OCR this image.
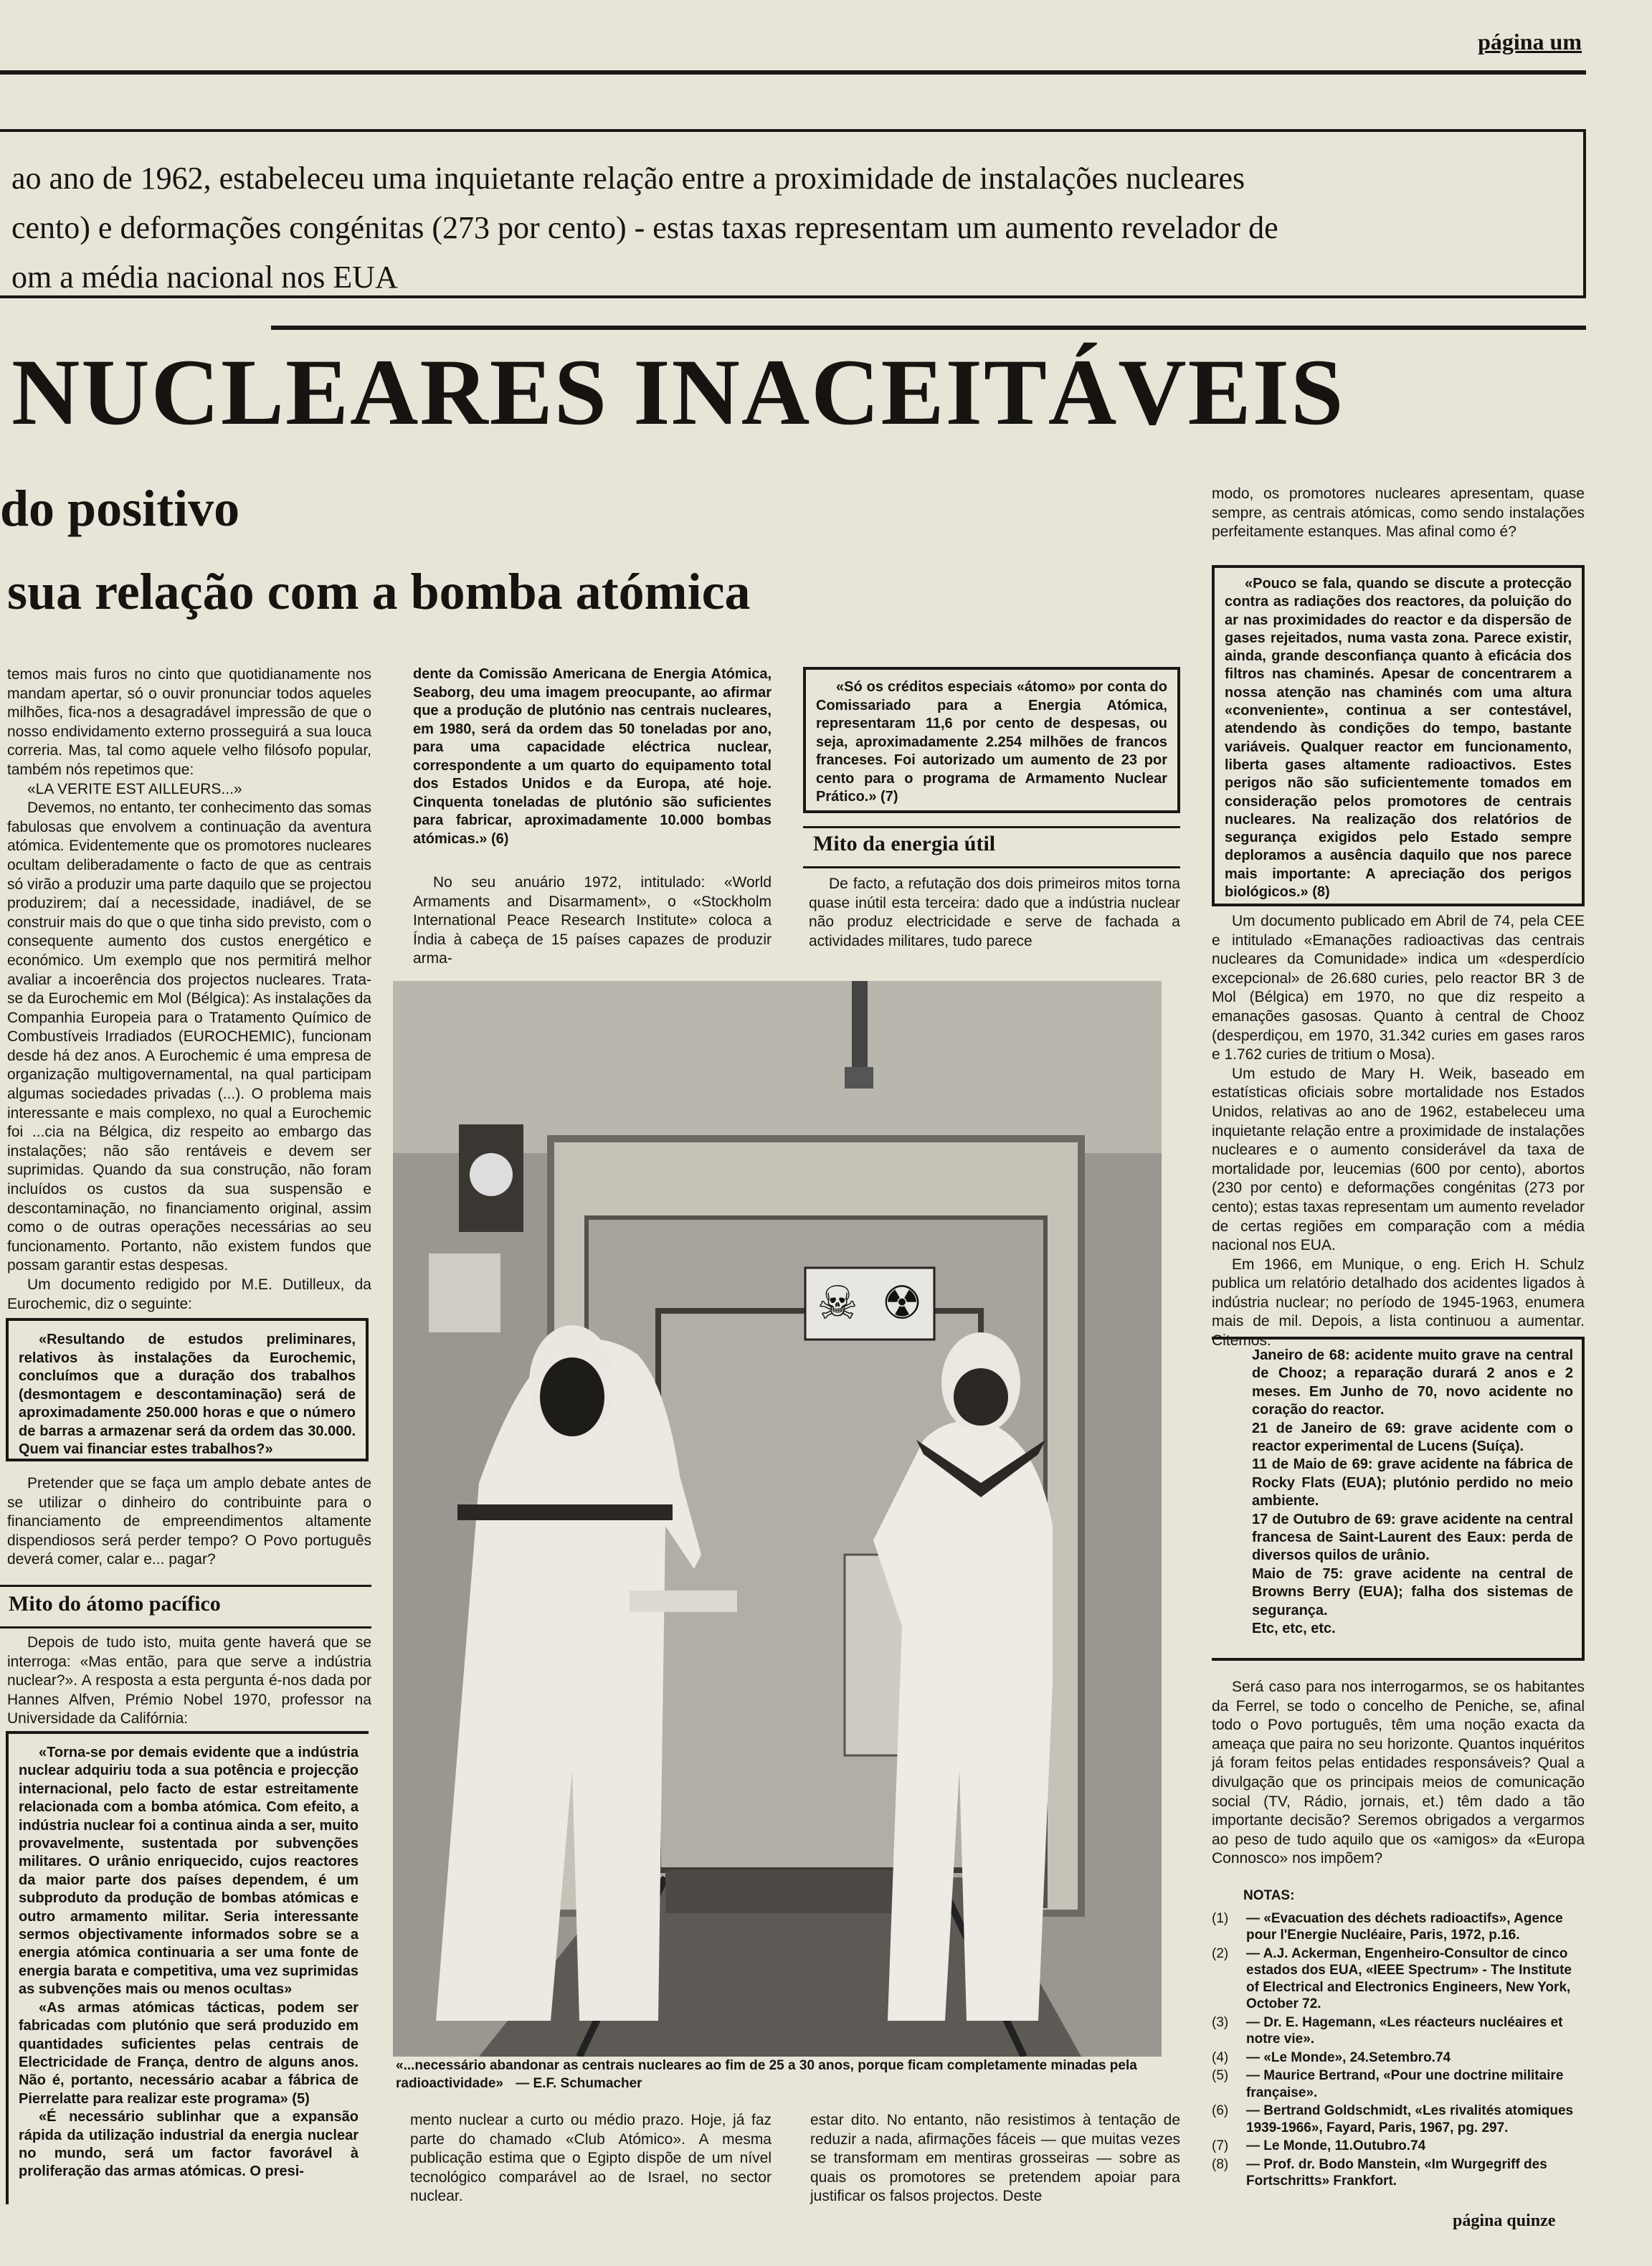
página um
ao ano de 1962, estabeleceu uma inquietante relação entre a proximidade de instalações nucleares
cento) e deformações congénitas (273 por cento) - estas taxas representam um aumento revelador de
om a média nacional nos EUA
NUCLEARES INACEITÁVEIS
do positivo
sua relação com a bomba atómica

temos mais furos no cinto que quotidianamente nos mandam apertar, só o ouvir pronunciar todos aqueles milhões, fica-nos a desagradável impressão de que o nosso endividamento externo prosseguirá a sua louca correria. Mas, tal como aquele velho filósofo popular, também nós repetimos que:

«LA VERITE EST AILLEURS...»

Devemos, no entanto, ter conhecimento das somas fabulosas que envolvem a continuação da aventura atómica. Evidentemente que os promotores nucleares ocultam deliberadamente o facto de que as centrais só virão a produzir uma parte daquilo que se projectou produzirem; daí a necessidade, inadiável, de se construir mais do que o que tinha sido previsto, com o consequente aumento dos custos energético e económico. Um exemplo que nos permitirá melhor avaliar a incoerência dos projectos nucleares. Trata-se da Eurochemic em Mol (Bélgica): As instalações da Companhia Europeia para o Tratamento Químico de Combustíveis Irradiados (EUROCHEMIC), funcionam desde há dez anos. A Eurochemic é uma empresa de organização multigovernamental, na qual participam algumas sociedades privadas (...). O problema mais interessante e mais complexo, no qual a Eurochemic foi ...cia na Bélgica, diz respeito ao embargo das instalações; não são rentáveis e devem ser suprimidas. Quando da sua construção, não foram incluídos os custos da sua suspensão e descontaminação, no financiamento original, assim como o de outras operações necessárias ao seu funcionamento. Portanto, não existem fundos que possam garantir estas despesas.

Um documento redigido por M.E. Dutilleux, da Eurochemic, diz o seguinte:

«Resultando de estudos preliminares, relativos às instalações da Eurochemic, concluímos que a duração dos trabalhos (desmontagem e descontaminação) será de aproximadamente 250.000 horas e que o número de barras a armazenar será da ordem das 30.000. Quem vai financiar estes trabalhos?»

Pretender que se faça um amplo debate antes de se utilizar o dinheiro do contribuinte para o financiamento de empreendimentos altamente dispendiosos será perder tempo? O Povo português deverá comer, calar e... pagar?

Mito do átomo pacífico

Depois de tudo isto, muita gente haverá que se interroga: «Mas então, para que serve a indústria nuclear?». A resposta a esta pergunta é-nos dada por Hannes Alfven, Prémio Nobel 1970, professor na Universidade da Califórnia:

«Torna-se por demais evidente que a indústria nuclear adquiriu toda a sua potência e projecção internacional, pelo facto de estar estreitamente relacionada com a bomba atómica. Com efeito, a indústria nuclear foi a continua ainda a ser, muito provavelmente, sustentada por subvenções militares. O urânio enriquecido, cujos reactores da maior parte dos países dependem, é um subproduto da produção de bombas atómicas e outro armamento militar. Seria interessante sermos objectivamente informados sobre se a energia atómica continuaria a ser uma fonte de energia barata e competitiva, uma vez suprimidas as subvenções mais ou menos ocultas»

«As armas atómicas tácticas, podem ser fabricadas com plutónio que será produzido em quantidades suficientes pelas centrais de Electricidade de França, dentro de alguns anos. Não é, portanto, necessário acabar a fábrica de Pierrelatte para realizar este programa» (5)

«É necessário sublinhar que a expansão rápida da utilização industrial da energia nuclear no mundo, será um factor favorável à proliferação das armas atómicas. O presi-

dente da Comissão Americana de Energia Atómica, Seaborg, deu uma imagem preocupante, ao afirmar que a produção de plutónio nas centrais nucleares, em 1980, será da ordem das 50 toneladas por ano, para uma capacidade eléctrica nuclear, correspondente a um quarto do equipamento total dos Estados Unidos e da Europa, até hoje. Cinquenta toneladas de plutónio são suficientes para fabricar, aproximadamente 10.000 bombas atómicas.» (6)

No seu anuário 1972, intitulado: «World Armaments and Disarmament», o «Stockholm International Peace Research Institute» coloca a Índia à cabeça de 15 países capazes de produzir arma-

«Só os créditos especiais «átomo» por conta do Comissariado para a Energia Atómica, representaram 11,6 por cento de despesas, ou seja, aproximadamente 2.254 milhões de francos franceses. Foi autorizado um aumento de 23 por cento para o programa de Armamento Nuclear Prático.» (7)

Mito da energia útil

De facto, a refutação dos dois primeiros mitos torna quase inútil esta terceira: dado que a indústria nuclear não produz electricidade e serve de fachada a actividades militares, tudo parece

☠ ☢
«...necessário abandonar as centrais nucleares ao fim de 25 a 30 anos, porque ficam completamente minadas pela radioactividade» — E.F. Schumacher

mento nuclear a curto ou médio prazo. Hoje, já faz parte do chamado «Club Atómico». A mesma publicação estima que o Egipto dispõe de um nível tecnológico comparável ao de Israel, no sector nuclear.

estar dito. No entanto, não resistimos à tentação de reduzir a nada, afirmações fáceis — que muitas vezes se transformam em mentiras grosseiras — sobre as quais os promotores se pretendem apoiar para justificar os falsos projectos. Deste

modo, os promotores nucleares apresentam, quase sempre, as centrais atómicas, como sendo instalações perfeitamente estanques. Mas afinal como é?

«Pouco se fala, quando se discute a protecção contra as radiações dos reactores, da poluição do ar nas proximidades do reactor e da dispersão de gases rejeitados, numa vasta zona. Parece existir, ainda, grande desconfiança quanto à eficácia dos filtros nas chaminés. Apesar de concentrarem a nossa atenção nas chaminés com uma altura «conveniente», continua a ser contestável, atendendo às condições do tempo, bastante variáveis. Qualquer reactor em funcionamento, liberta gases altamente radioactivos. Estes perigos não são suficientemente tomados em consideração pelos promotores de centrais nucleares. Na realização dos relatórios de segurança exigidos pelo Estado sempre deploramos a ausência daquilo que nos parece mais importante: A apreciação dos perigos biológicos.» (8)

Um documento publicado em Abril de 74, pela CEE e intitulado «Emanações radioactivas das centrais nucleares da Comunidade» indica um «desperdício excepcional» de 26.680 curies, pelo reactor BR 3 de Mol (Bélgica) em 1970, no que diz respeito a emanações gasosas. Quanto à central de Chooz (desperdiçou, em 1970, 31.342 curies em gases raros e 1.762 curies de tritium o Mosa).

Um estudo de Mary H. Weik, baseado em estatísticas oficiais sobre mortalidade nos Estados Unidos, relativas ao ano de 1962, estabeleceu uma inquietante relação entre a proximidade de instalações nucleares e o aumento considerável da taxa de mortalidade por, leucemias (600 por cento), abortos (230 por cento) e deformações congénitas (273 por cento); estas taxas representam um aumento revelador de certas regiões em comparação com a média nacional nos EUA.

Em 1966, em Munique, o eng. Erich H. Schulz publica um relatório detalhado dos acidentes ligados à indústria nuclear; no período de 1945-1963, enumera mais de mil. Depois, a lista continuou a aumentar. Citemos:

Janeiro de 68: acidente muito grave na central de Chooz; a reparação durará 2 anos e 2 meses. Em Junho de 70, novo acidente no coração do reactor.

21 de Janeiro de 69: grave acidente com o reactor experimental de Lucens (Suíça).

11 de Maio de 69: grave acidente na fábrica de Rocky Flats (EUA); plutónio perdido no meio ambiente.

17 de Outubro de 69: grave acidente na central francesa de Saint-Laurent des Eaux: perda de diversos quilos de urânio.

Maio de 75: grave acidente na central de Browns Berry (EUA); falha dos sistemas de segurança.

Etc, etc, etc.

Será caso para nos interrogarmos, se os habitantes da Ferrel, se todo o concelho de Peniche, se, afinal todo o Povo português, têm uma noção exacta da ameaça que paira no seu horizonte. Quantos inquéritos já foram feitos pelas entidades responsáveis? Qual a divulgação que os principais meios de comunicação social (TV, Rádio, jornais, et.) têm dado a tão importante decisão? Seremos obrigados a vergarmos ao peso de tudo aquilo que os «amigos» da «Europa Connosco» nos impõem?

NOTAS:
(1)	— «Evacuation des déchets radioactifs», Agence pour l'Energie Nucléaire, Paris, 1972, p.16.
(2)	— A.J. Ackerman, Engenheiro-Consultor de cinco estados dos EUA, «IEEE Spectrum» - The Institute of Electrical and Electronics Engineers, New York, October 72.
(3)	— Dr. E. Hagemann, «Les réacteurs nucléaires et notre vie».
(4)	— «Le Monde», 24.Setembro.74
(5)	— Maurice Bertrand, «Pour une doctrine militaire française».
(6)	— Bertrand Goldschmidt, «Les rivalités atomiques 1939-1966», Fayard, Paris, 1967, pg. 297.
(7)	— Le Monde, 11.Outubro.74
(8)	— Prof. dr. Bodo Manstein, «Im Wurgegriff des Fortschritts» Frankfort.
página quinze
